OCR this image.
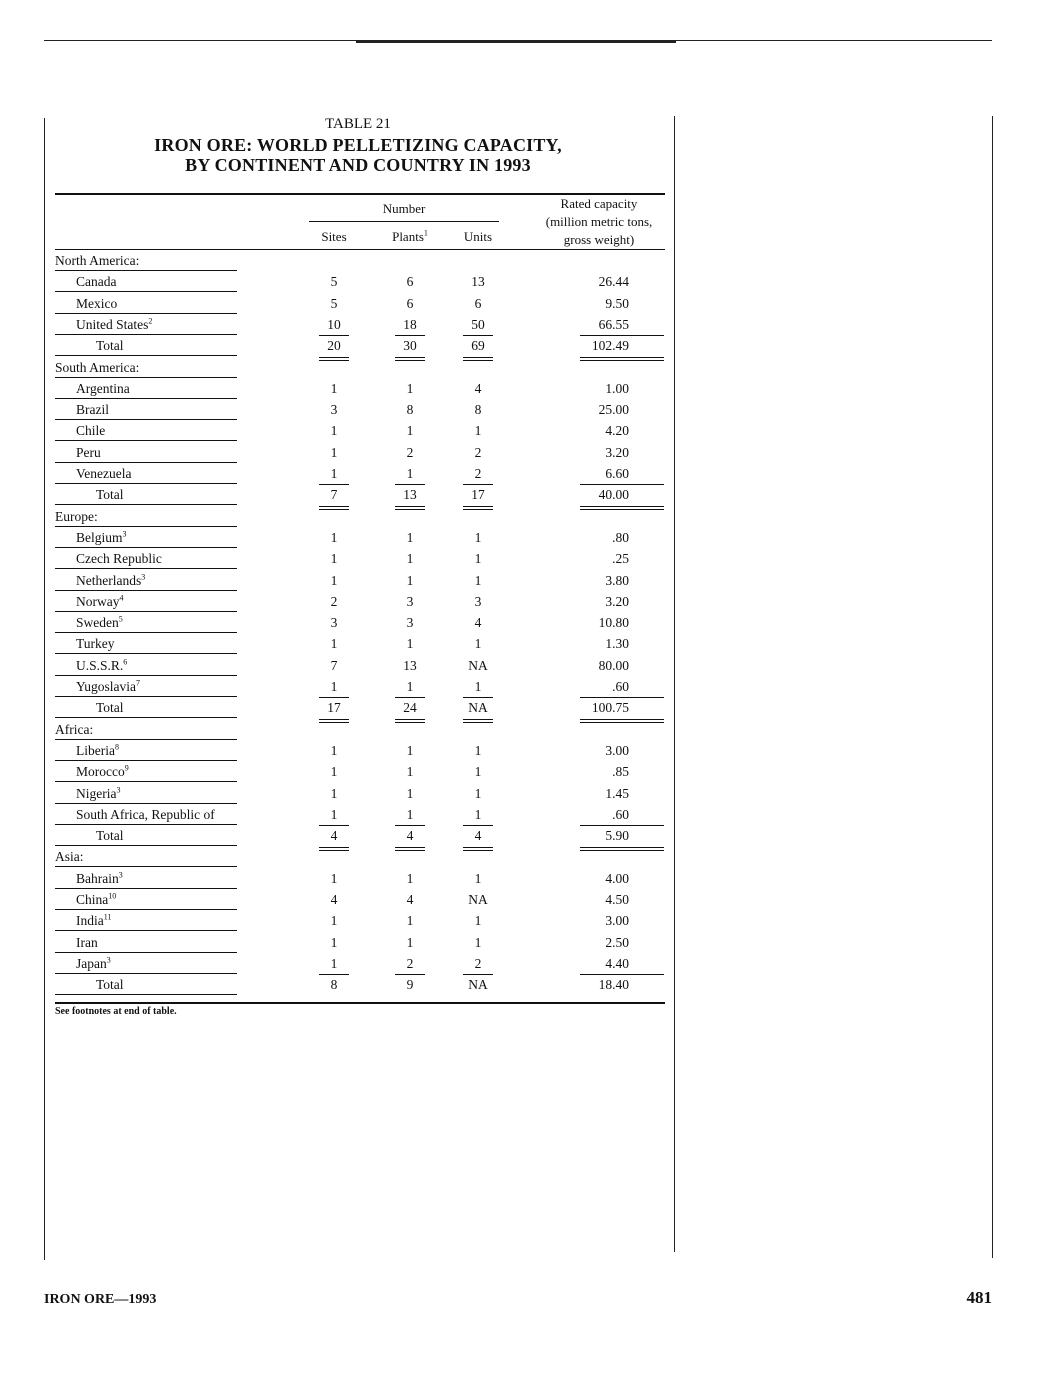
TABLE 21
IRON ORE: WORLD PELLETIZING CAPACITY,
BY CONTINENT AND COUNTRY IN 1993
Number
Sites	Plants$^1$	Units
Rated capacity
(million metric tons,
gross weight)
North America:
Canada	5	6	13	26.44
Mexico	5	6	6	9.50
United States$^2$	10	18	50	66.55
Total	20	30	69	102.49
South America:
Argentina	1	1	4	1.00
Brazil	3	8	8	25.00
Chile	1	1	1	4.20
Peru	1	2	2	3.20
Venezuela	1	1	2	6.60
Total	7	13	17	40.00
Europe:
Belgium$^3$	1	1	1	.80
Czech Republic	1	1	1	.25
Netherlands$^3$	1	1	1	3.80
Norway$^4$	2	3	3	3.20
Sweden$^5$	3	3	4	10.80
Turkey	1	1	1	1.30
U.S.S.R.$^6$	7	13	NA	80.00
Yugoslavia$^7$	1	1	1	.60
Total	17	24	NA	100.75
Africa:
Liberia$^8$	1	1	1	3.00
Morocco$^9$	1	1	1	.85
Nigeria$^3$	1	1	1	1.45
South Africa, Republic of	1	1	1	.60
Total	4	4	4	5.90
Asia:
Bahrain$^3$	1	1	1	4.00
China$^{10}$	4	4	NA	4.50
India$^{11}$	1	1	1	3.00
Iran	1	1	1	2.50
Japan$^3$	1	2	2	4.40
Total	8	9	NA	18.40
See footnotes at end of table.
IRON ORE—1993	481
